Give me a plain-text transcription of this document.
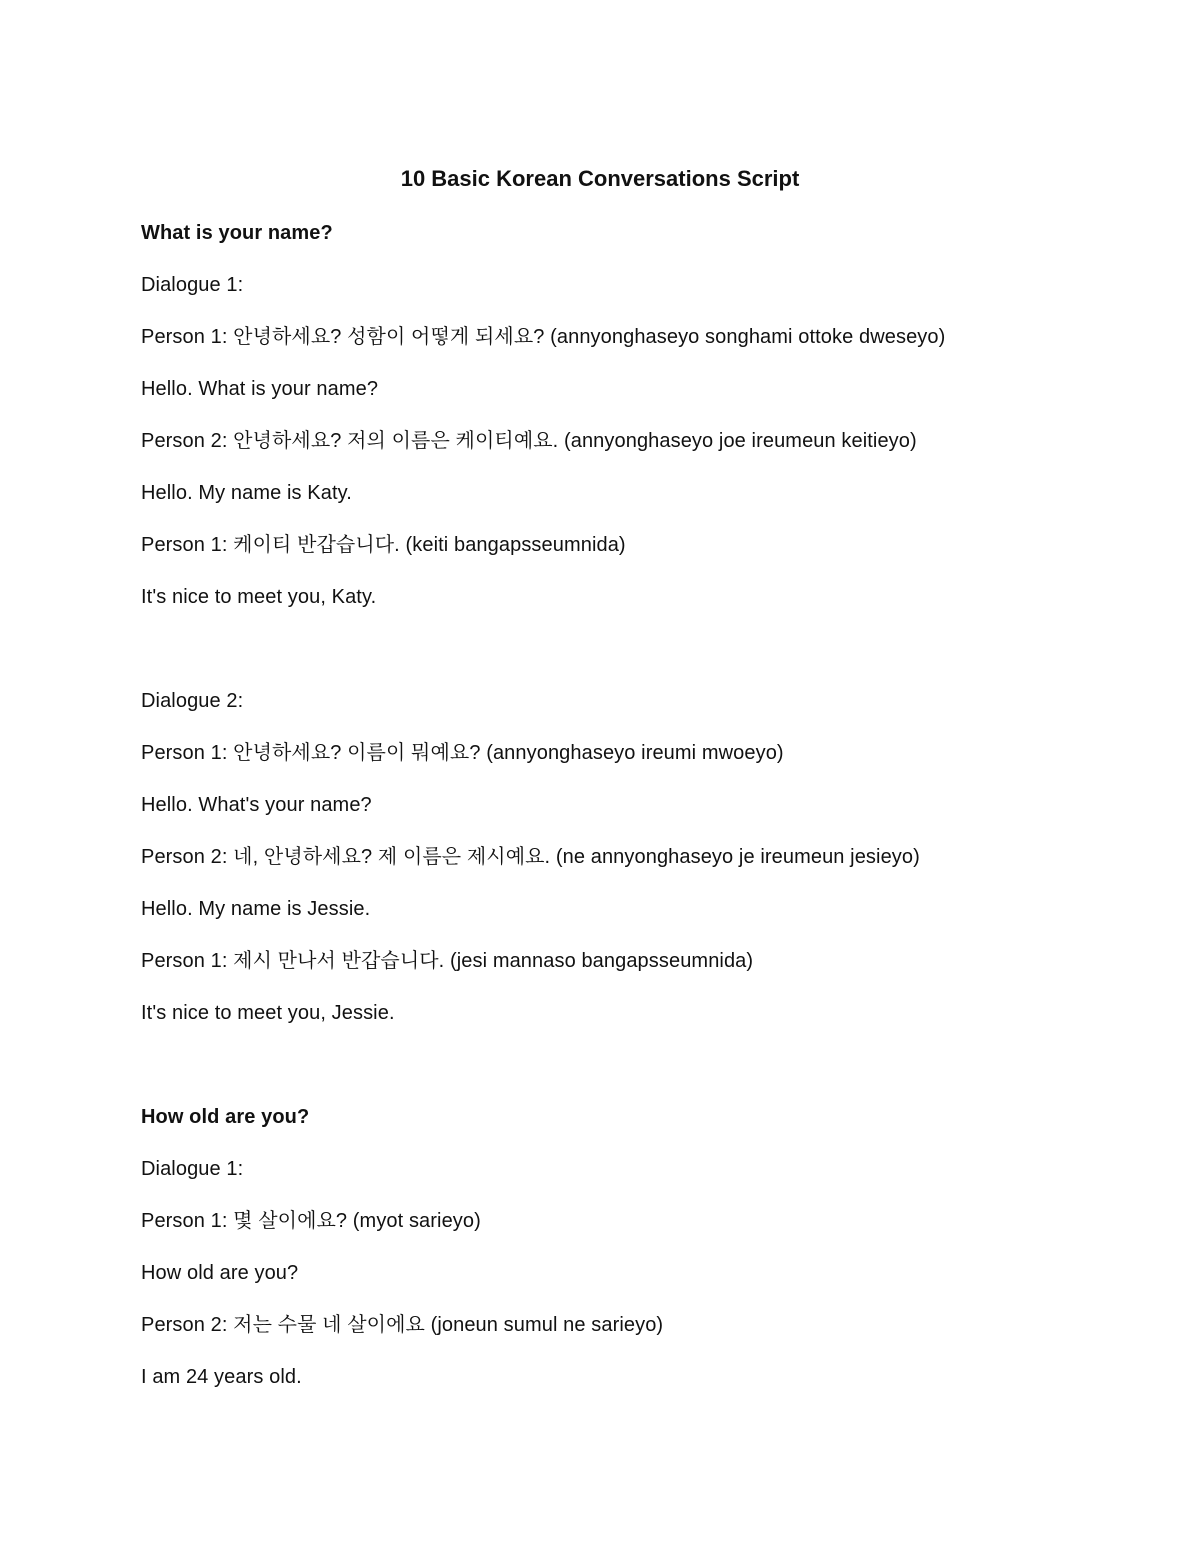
10 Basic Korean Conversations Script
What is your name?
Dialogue 1:
Person 1: 안녕하세요? 성함이 어떻게 되세요? (annyonghaseyo songhami ottoke dweseyo)
Hello. What is your name?
Person 2: 안녕하세요? 저의 이름은 케이티예요. (annyonghaseyo joe ireumeun keitieyo)
Hello. My name is Katy.
Person 1: 케이티 반갑습니다. (keiti bangapsseumnida)
It's nice to meet you, Katy.
Dialogue 2:
Person 1: 안녕하세요? 이름이 뭐예요? (annyonghaseyo ireumi mwoeyo)
Hello. What's your name?
Person 2: 네, 안녕하세요? 제 이름은 제시예요. (ne annyonghaseyo je ireumeun jesieyo)
Hello. My name is Jessie.
Person 1: 제시 만나서 반갑습니다. (jesi mannaso bangapsseumnida)
It's nice to meet you, Jessie.
How old are you?
Dialogue 1:
Person 1: 몇 살이에요? (myot sarieyo)
How old are you?
Person 2: 저는 수물 네 살이에요 (joneun sumul ne sarieyo)
I am 24 years old.
